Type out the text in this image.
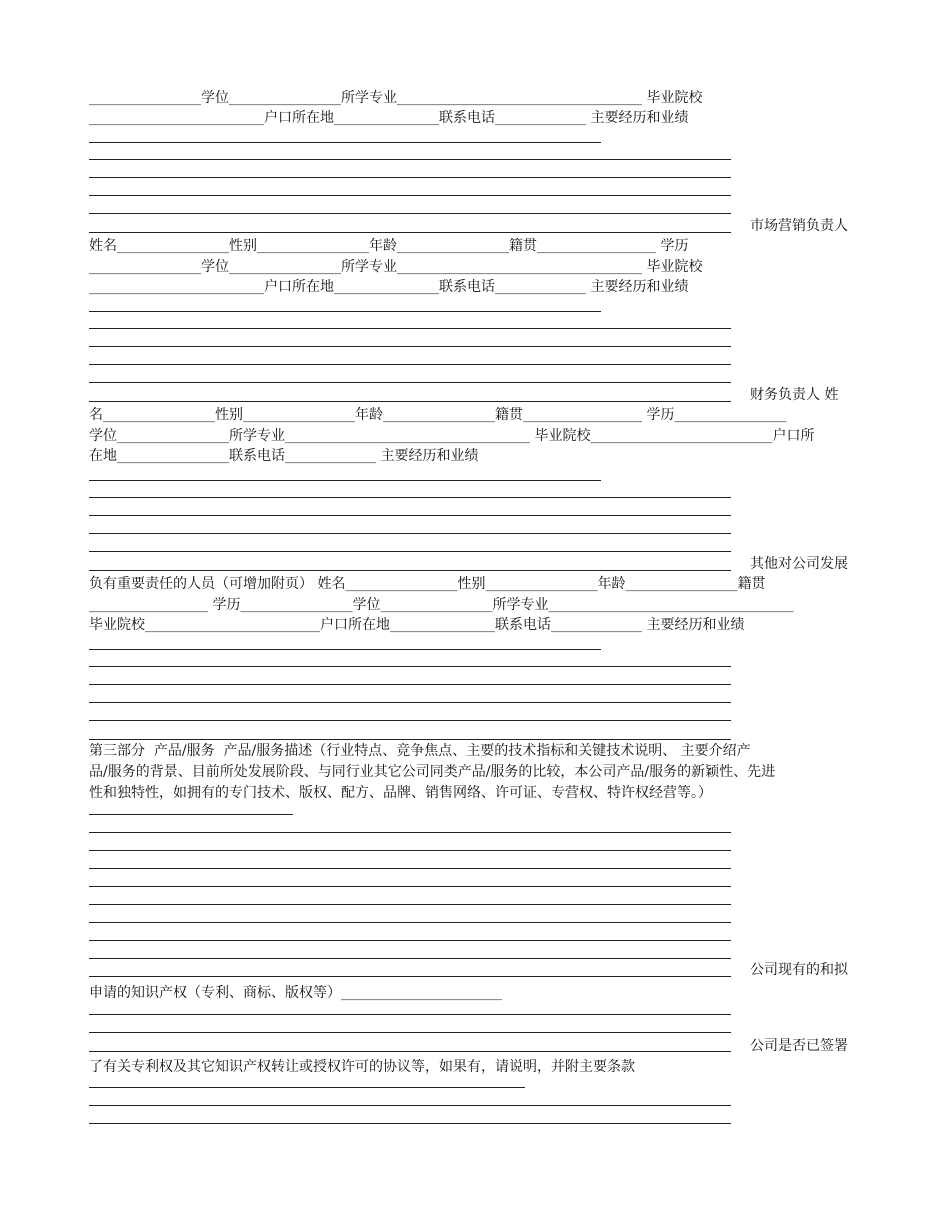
________________学位________________所学专业___________________________________ 毕业院校
_________________________户口所在地_______________联系电话_____________ 主要经历和业绩
市场营销负责人
姓名________________性别________________年龄________________籍贯_________________ 学历
________________学位________________所学专业___________________________________ 毕业院校
_________________________户口所在地_______________联系电话_____________ 主要经历和业绩
财务负责人 姓
名________________性别________________年龄________________籍贯_________________ 学历________________
学位________________所学专业___________________________________ 毕业院校__________________________户口所
在地________________联系电话_____________ 主要经历和业绩
其他对公司发展
负有重要责任的人员（可增加附页） 姓名________________性别________________年龄________________籍贯
_________________ 学历________________学位________________所学专业___________________________________
毕业院校_________________________户口所在地_______________联系电话_____________ 主要经历和业绩
第三部分  产品/服务  产品/服务描述（行业特点、竞争焦点、主要的技术指标和关键技术说明、 主要介绍产
品/服务的背景、目前所处发展阶段、与同行业其它公司同类产品/服务的比较，本公司产品/服务的新颖性、先进
性和独特性，如拥有的专门技术、版权、配方、品牌、销售网络、许可证、专营权、特许权经营等。）
公司现有的和拟
申请的知识产权（专利、商标、版权等）_______________________
公司是否已签署
了有关专利权及其它知识产权转让或授权许可的协议等，如果有，请说明，并附主要条款
